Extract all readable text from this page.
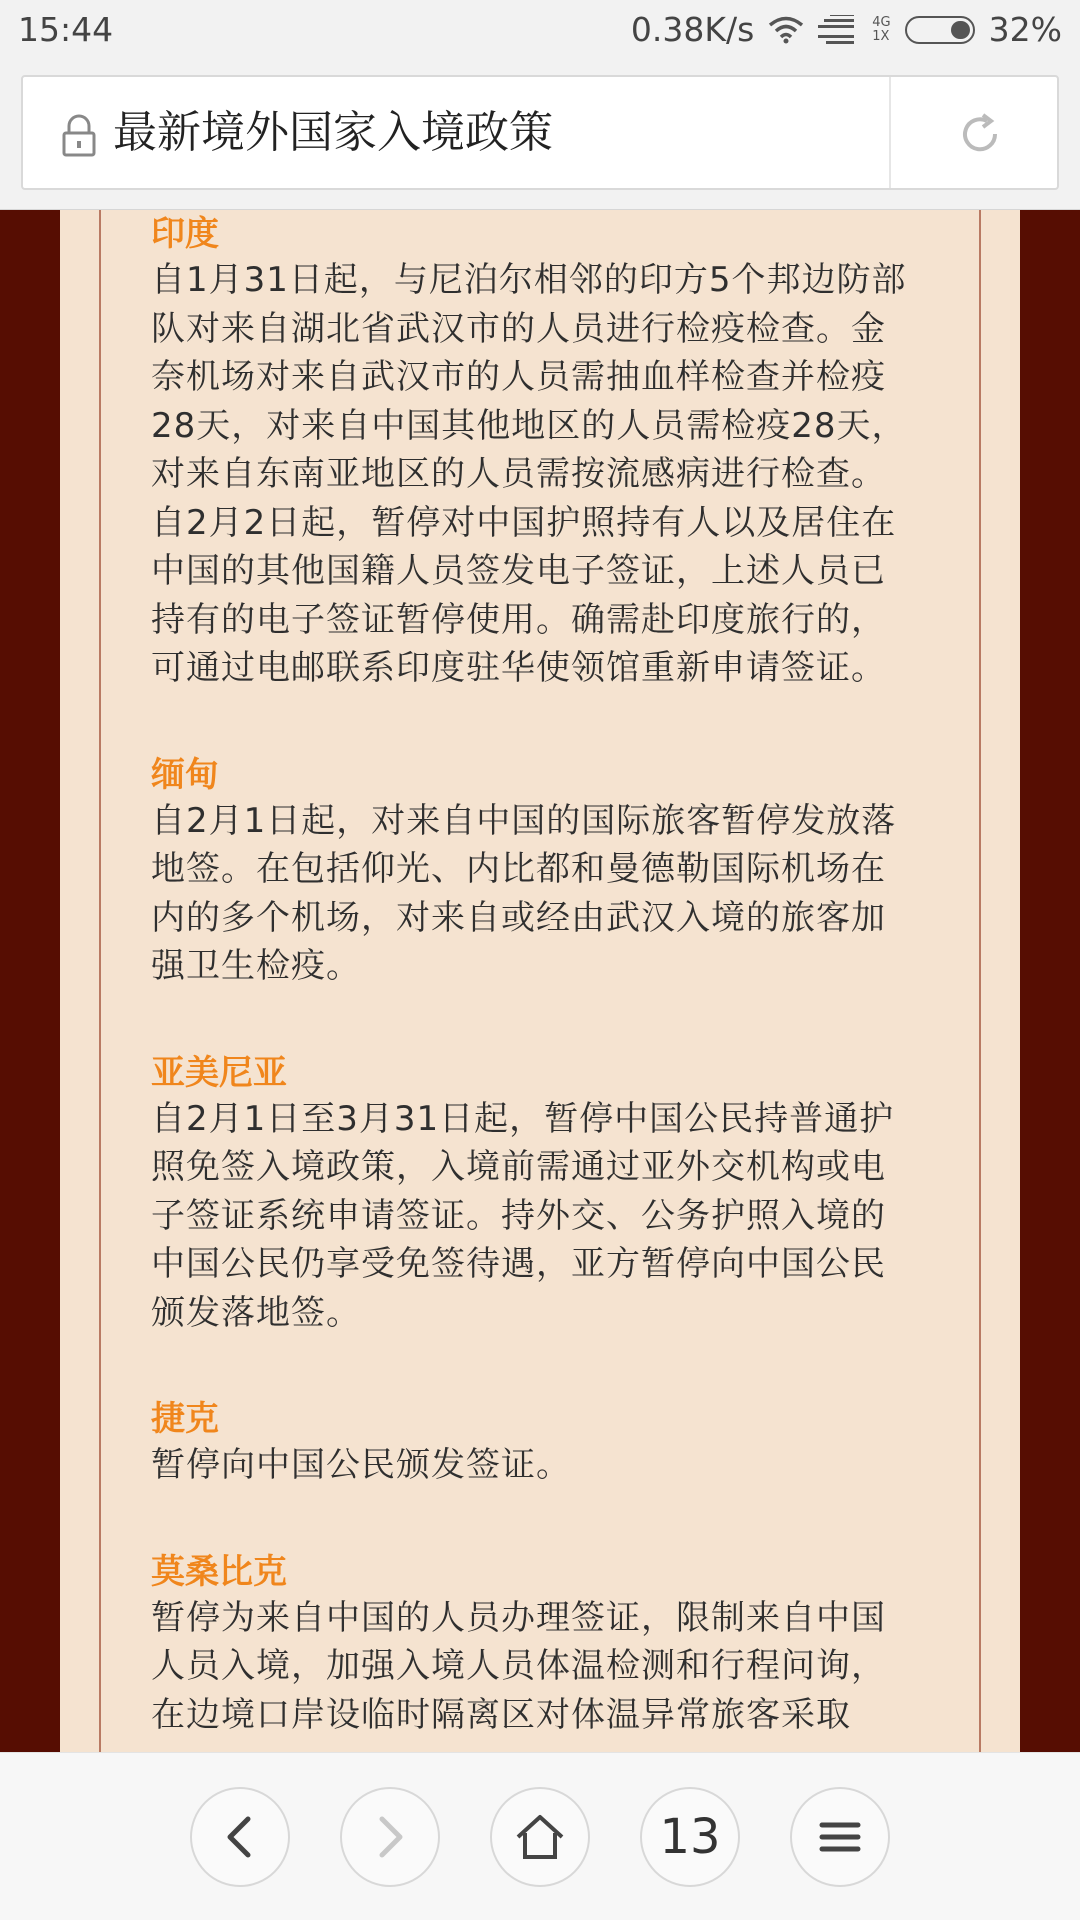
15:44	0.38K/s	4G
1X	32%
最新境外国家入境政策
印度

自1月31日起，与尼泊尔相邻的印方5个邦边防部队对来自湖北省武汉市的人员进行检疫检查。金奈机场对来自武汉市的人员需抽血样检查并检疫28天，对来自中国其他地区的人员需检疫28天，对来自东南亚地区的人员需按流感病进行检查。自2月2日起，暂停对中国护照持有人以及居住在中国的其他国籍人员签发电子签证，上述人员已持有的电子签证暂停使用。确需赴印度旅行的，可通过电邮联系印度驻华使领馆重新申请签证。

缅甸

自2月1日起，对来自中国的国际旅客暂停发放落地签。在包括仰光、内比都和曼德勒国际机场在内的多个机场，对来自或经由武汉入境的旅客加强卫生检疫。

亚美尼亚

自2月1日至3月31日起，暂停中国公民持普通护照免签入境政策，入境前需通过亚外交机构或电子签证系统申请签证。持外交、公务护照入境的中国公民仍享受免签待遇，亚方暂停向中国公民颁发落地签。

捷克

暂停向中国公民颁发签证。

莫桑比克

暂停为来自中国的人员办理签证，限制来自中国人员入境，加强入境人员体温检测和行程问询，在边境口岸设临时隔离区对体温异常旅客采取

13
